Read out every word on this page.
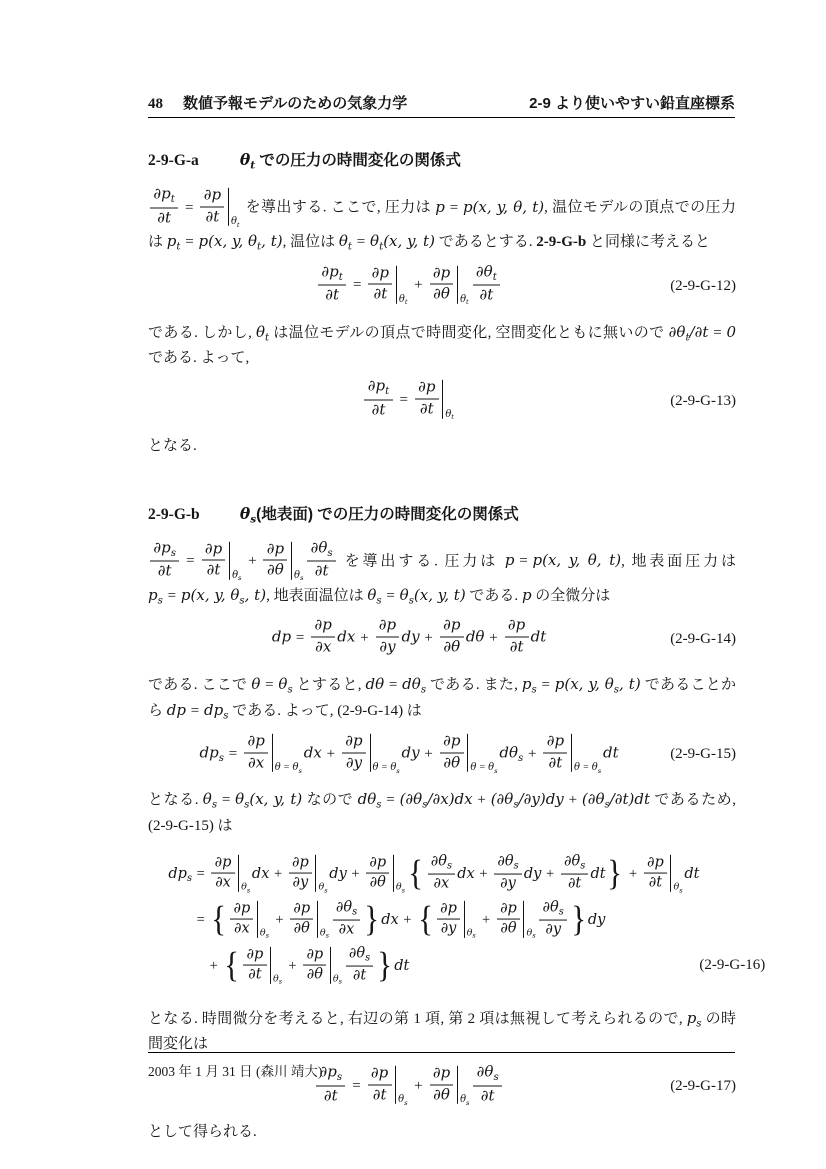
48 数値予報モデルのための気象力学	2-9 より使いやすい鉛直座標系
2-9-G-a	$\theta_t$ での圧力の時間変化の関係式

$\frac{\partial p_t}{\partial t} = \frac{\partial p}{\partial t} \theta_t$
を導出する. ここで, 圧力は p = p(x, y, θ, t), 温位モデルの頂点での圧力は $p_t = p(x$, y, $\theta_t$, t), 温位は $\theta_t = \theta_t(x$, y, t) であるとする. 2-9-G-b と同様に考えると

$\frac{\partial p_t}{\partial t} = \frac{\partial p}{\partial t} \theta_t$
+ $\frac{\partial p}{\partial\theta} \theta_t \frac{\partial\theta_t}{\partial t}$	(2-9-G-12)

である. しかし, $\theta_t$ は温位モデルの頂点で時間変化, 空間変化ともに無いので $\partial\theta_t/\partial t = 0$ である. よって,

$\frac{\partial p_t}{\partial t} = \frac{\partial p}{\partial t} \theta_t$
(2-9-G-13)

となる.

2-9-G-b	$\theta_s$(地表面) での圧力の時間変化の関係式

$\frac{\partial p_s}{\partial t} = \frac{\partial p}{\partial t} \theta_s$
+ $\frac{\partial p}{\partial\theta} \theta_s \frac{\partial\theta_s}{\partial t}$ を導出する. 圧力は p = p(x, y, θ, t), 地表面圧力は $p_s = p(x$, y, $\theta_s$, t), 地表面温位は $\theta_s = \theta_s(x$, y, t) である. p の全微分は

dp = $\frac{\partial p}{\partial x}$ dx + $\frac{\partial p}{\partial y}$ dy + $\frac{\partial p}{\partial\theta}$ $d\theta + \frac{\partial p}{\partial t}$ dt	(2-9-G-14)

である. ここで $\theta = \theta_s$ とすると, $d\theta = d\theta_s$ である. また, $p_s = p(x$, y, $\theta_s$, t) であることから dp = $dp_s$ である. よって, (2-9-G-14) は

$dp_s = \frac{\partial p}{\partial x}$ $\theta = \theta_s$
dx + $\frac{\partial p}{\partial y}$ $\theta = \theta_s$
dy + $\frac{\partial p}{\partial\theta}$ $\theta = \theta_s$
$d\theta_s + \frac{\partial p}{\partial t}$ $\theta = \theta_s$
dt	(2-9-G-15)

となる. $\theta_s = \theta_s(x$, y, t) なので $d\theta_s = (\partial\theta_s/\partial x)dx + (\partial\theta_s/\partial y)dy + (\partial\theta_s/\partial t)dt$ であるため, (2-9-G-15) は

$dp_s = \frac{\partial p}{\partial x} \theta_s$
dx + $\frac{\partial p}{\partial y} \theta_s$
dy + $\frac{\partial p}{\partial\theta} \theta_s$ { $\frac{\partial\theta_s}{\partial x}$ dx + $\frac{\partial\theta_s}{\partial y}$ dy + $\frac{\partial\theta_s}{\partial t} dt\} + \frac{\partial p}{\partial t} \theta_s$
dt
= { $\frac{\partial p}{\partial x} \theta_s$
+ $\frac{\partial p}{\partial\theta} \theta_s \frac{\partial\theta_s}{\partial x}$ } dx + { $\frac{\partial p}{\partial y} \theta_s$
+ $\frac{\partial p}{\partial\theta} \theta_s \frac{\partial\theta_s}{\partial y}$ } dy
+ { $\frac{\partial p}{\partial t} \theta_s$
+ $\frac{\partial p}{\partial\theta} \theta_s \frac{\partial\theta_s}{\partial t}$ } dt	(2-9-G-16)

となる. 時間微分を考えると, 右辺の第 1 項, 第 2 項は無視して考えられるので, $p_s$ の時間変化は

$\frac{\partial p_s}{\partial t} = \frac{\partial p}{\partial t} \theta_s$
+ $\frac{\partial p}{\partial\theta} \theta_s \frac{\partial\theta_s}{\partial t}$	(2-9-G-17)

として得られる.

2003 年 1 月 31 日 (森川 靖大)
